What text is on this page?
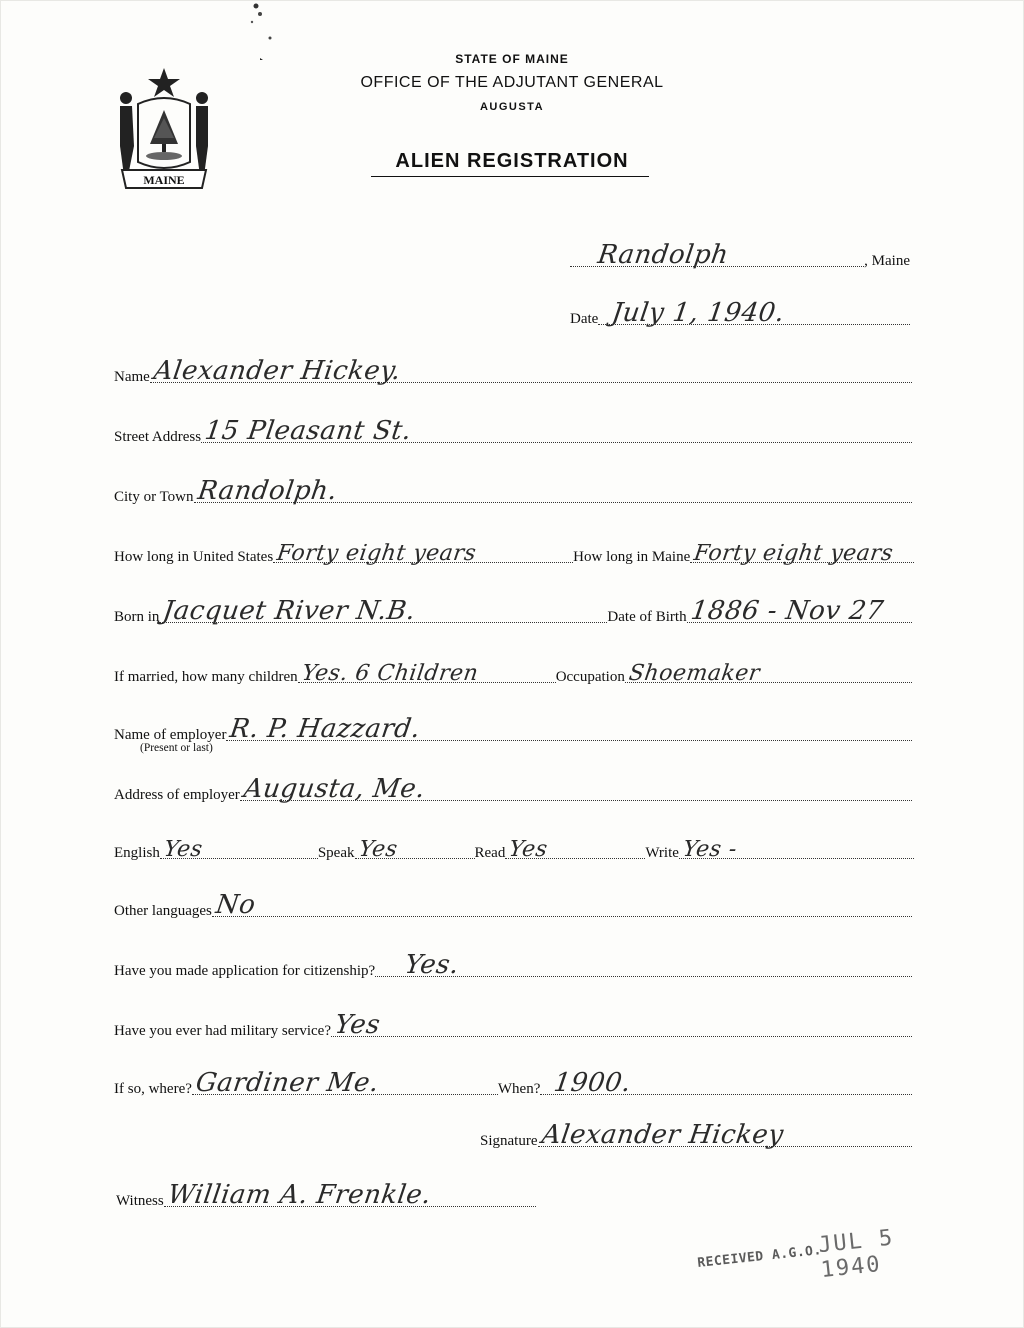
MAINE
STATE OF MAINE
OFFICE OF THE ADJUTANT GENERAL
AUGUSTA
ALIEN REGISTRATION
Randolph	, Maine
Date July 1, 1940.
Name Alexander Hickey.
Street Address 15 Pleasant St.
City or Town Randolph.
How long in United States Forty eight years	How long in Maine Forty eight years
Born in Jacquet River N.B.	Date of Birth 1886 - Nov 27
If married, how many children Yes. 6 Children	Occupation Shoemaker
Name of employer R. P. Hazzard.
(Present or last)
Address of employer Augusta, Me.
English Yes	Speak Yes	Read Yes	Write Yes -
Other languages No
Have you made application for citizenship? Yes.
Have you ever had military service? Yes
If so, where? Gardiner Me.	When? 1900.
Signature Alexander Hickey
Witness William A. Frenkle.
RECEIVED A.G.O.
JUL 5 1940
